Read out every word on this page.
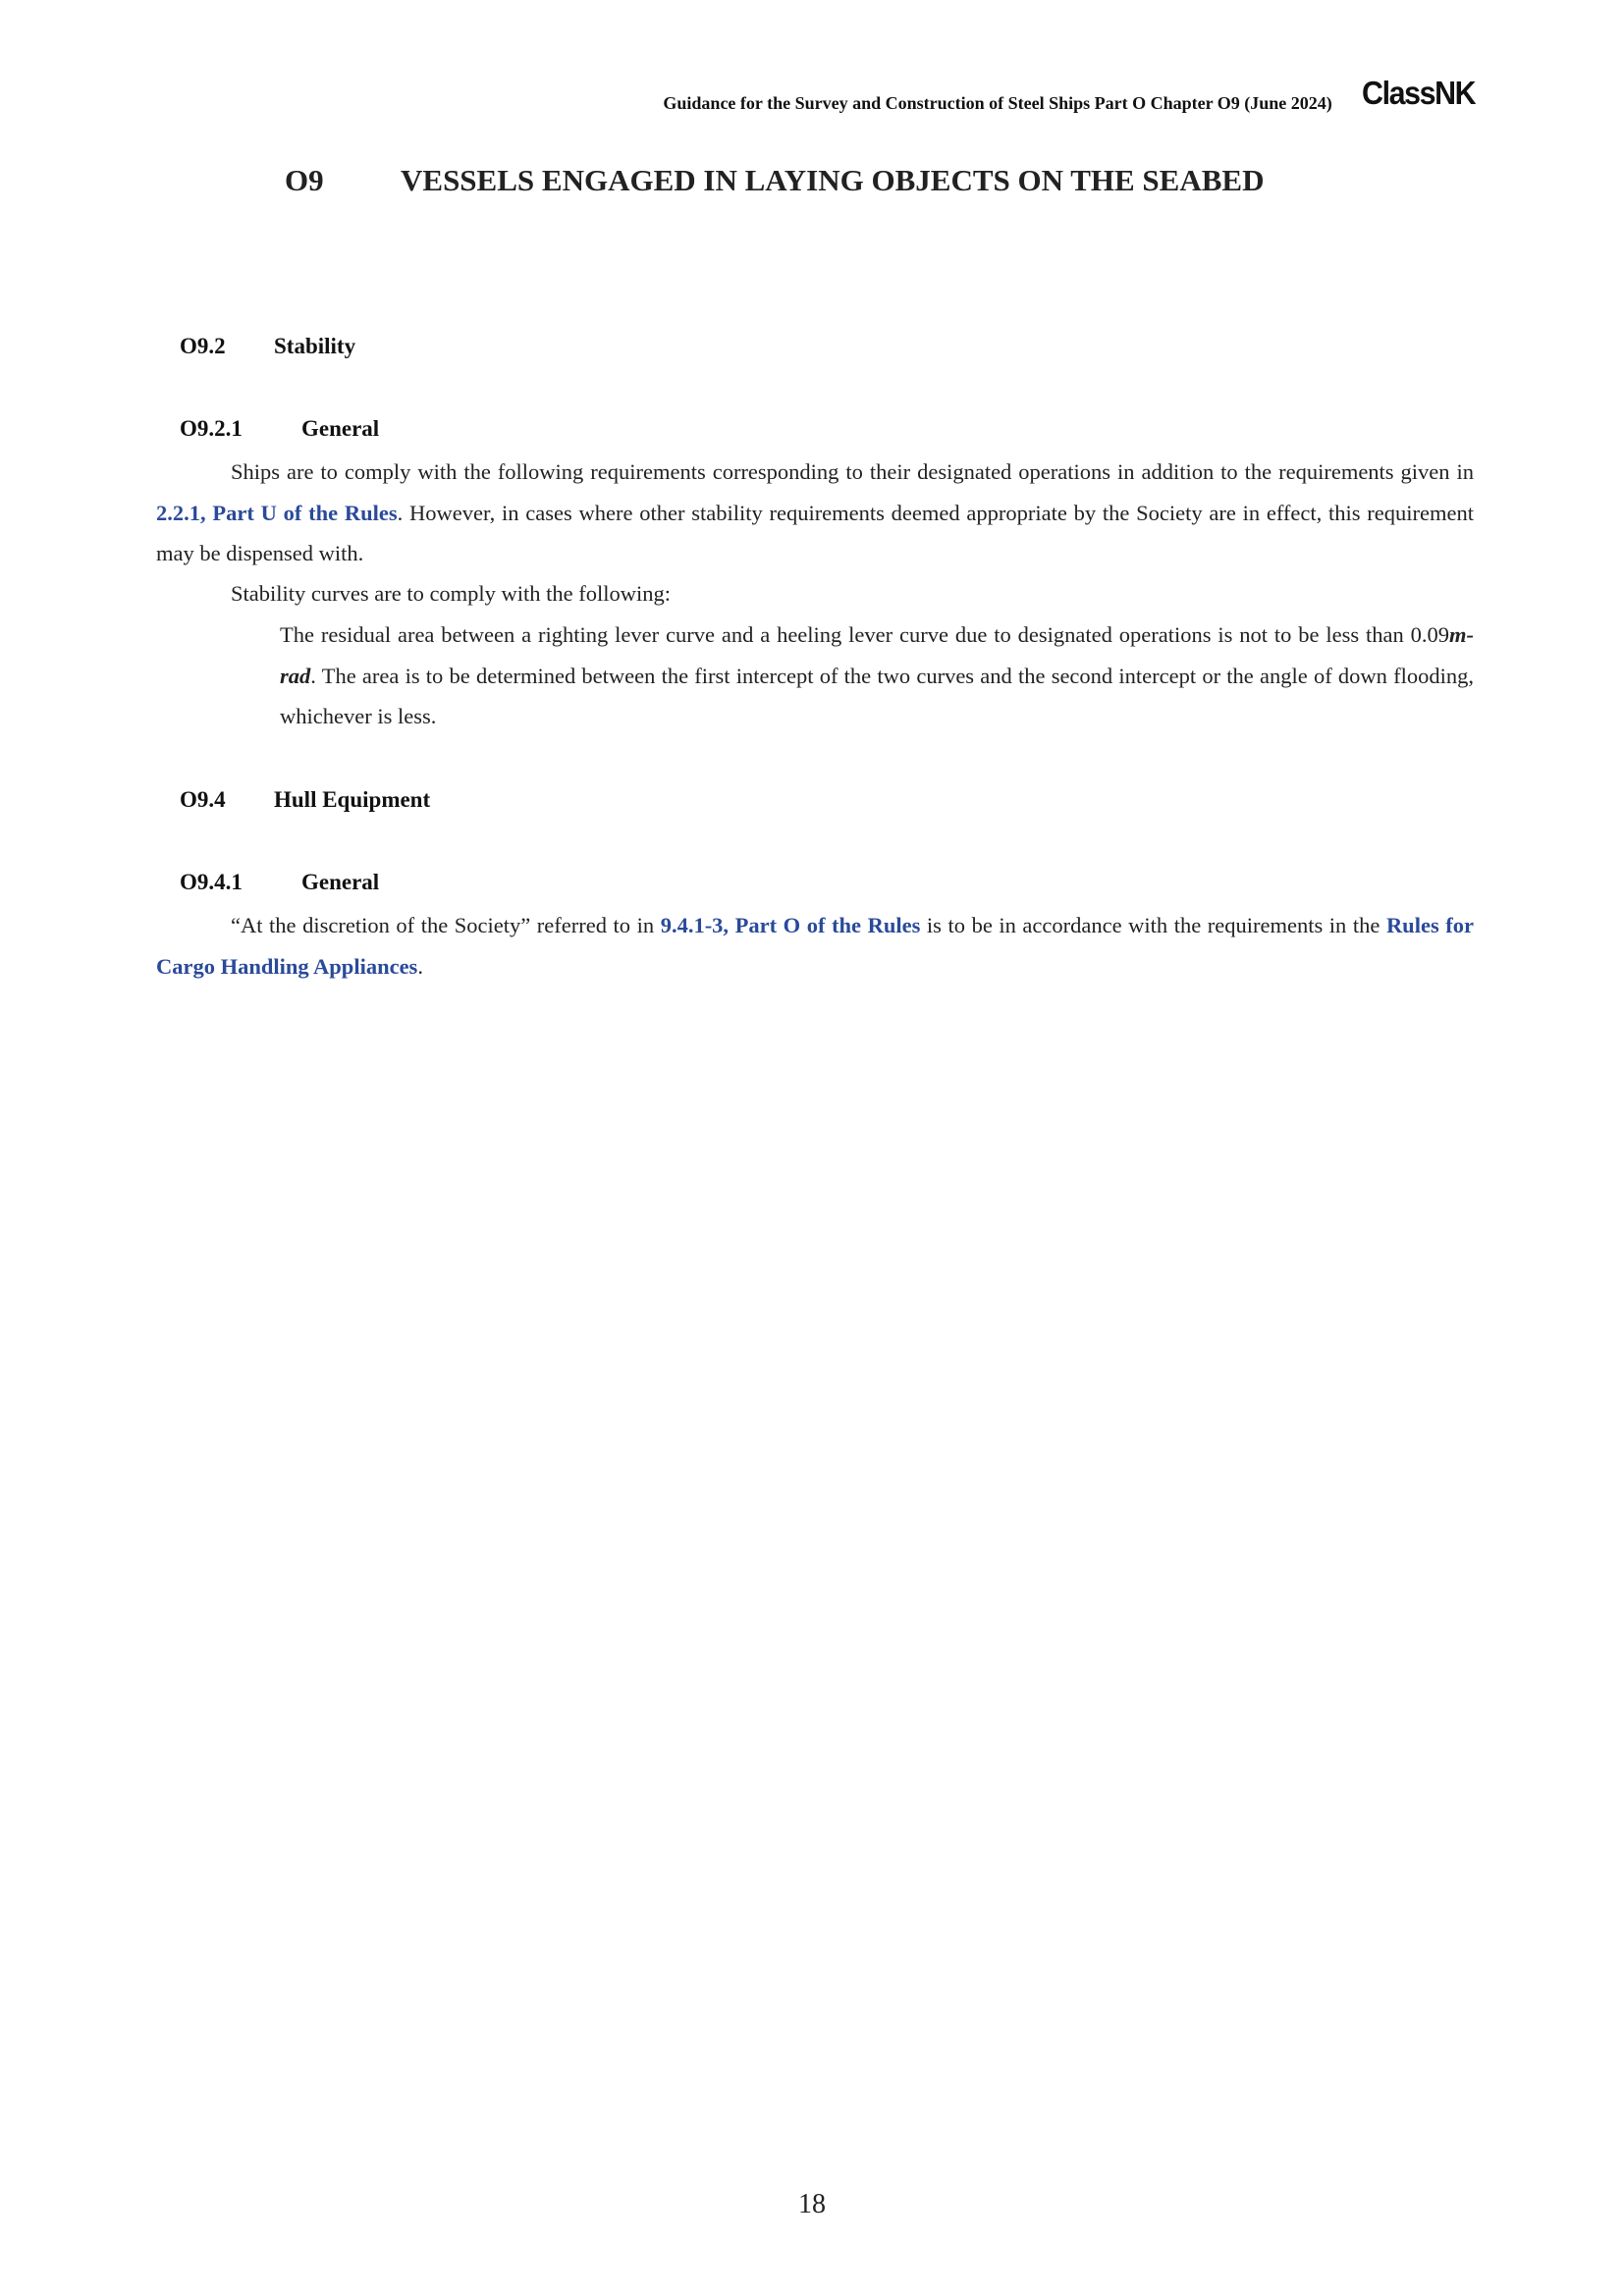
Guidance for the Survey and Construction of Steel Ships Part O Chapter O9 (June 2024) ClassNK
O9	VESSELS ENGAGED IN LAYING OBJECTS ON THE SEABED
O9.2 Stability
O9.2.1	General

Ships are to comply with the following requirements corresponding to their designated operations in addition to the requirements given in 2.2.1, Part U of the Rules. However, in cases where other stability requirements deemed appropriate by the Society are in effect, this requirement may be dispensed with.

Stability curves are to comply with the following:

The residual area between a righting lever curve and a heeling lever curve due to designated operations is not to be less than 0.09m-rad. The area is to be determined between the first intercept of the two curves and the second intercept or the angle of down flooding, whichever is less.

O9.4 Hull Equipment
O9.4.1	General

“At the discretion of the Society” referred to in 9.4.1-3, Part O of the Rules is to be in accordance with the requirements in the Rules for Cargo Handling Appliances.

18
